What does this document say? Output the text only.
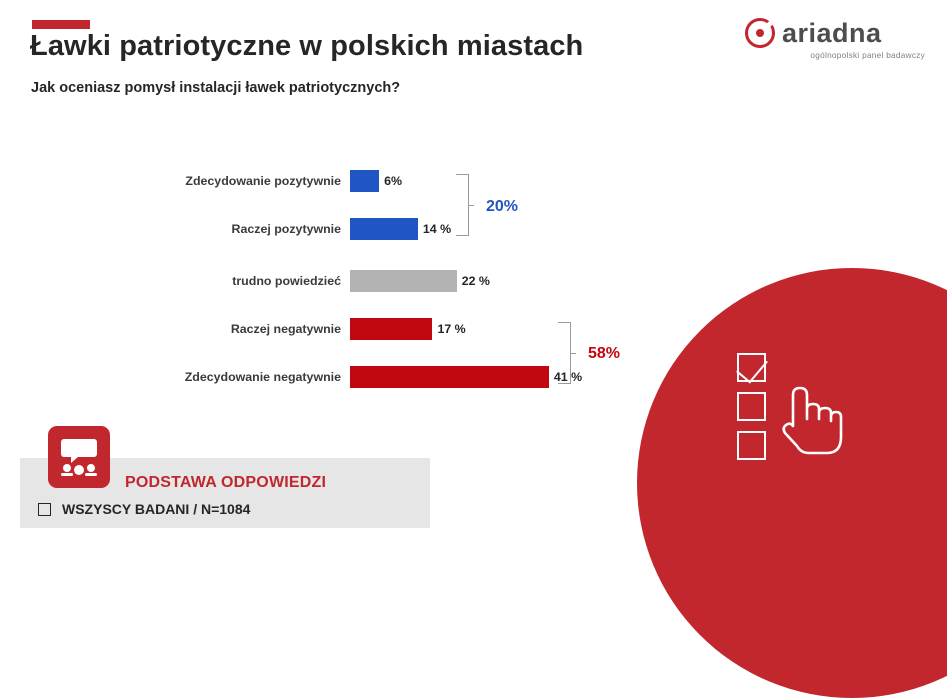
Ławki patriotyczne w polskich miastach
Jak oceniasz pomysł instalacji ławek patriotycznych?
ariadna
ogólnopolski panel badawczy
Zdecydowanie pozytywnie	6%
Raczej pozytywnie	14 %
trudno powiedzieć	22 %
Raczej negatywnie	17 %
Zdecydowanie negatywnie	41 %
20%
58%
PODSTAWA ODPOWIEDZI
WSZYSCY BADANI / N=1084
